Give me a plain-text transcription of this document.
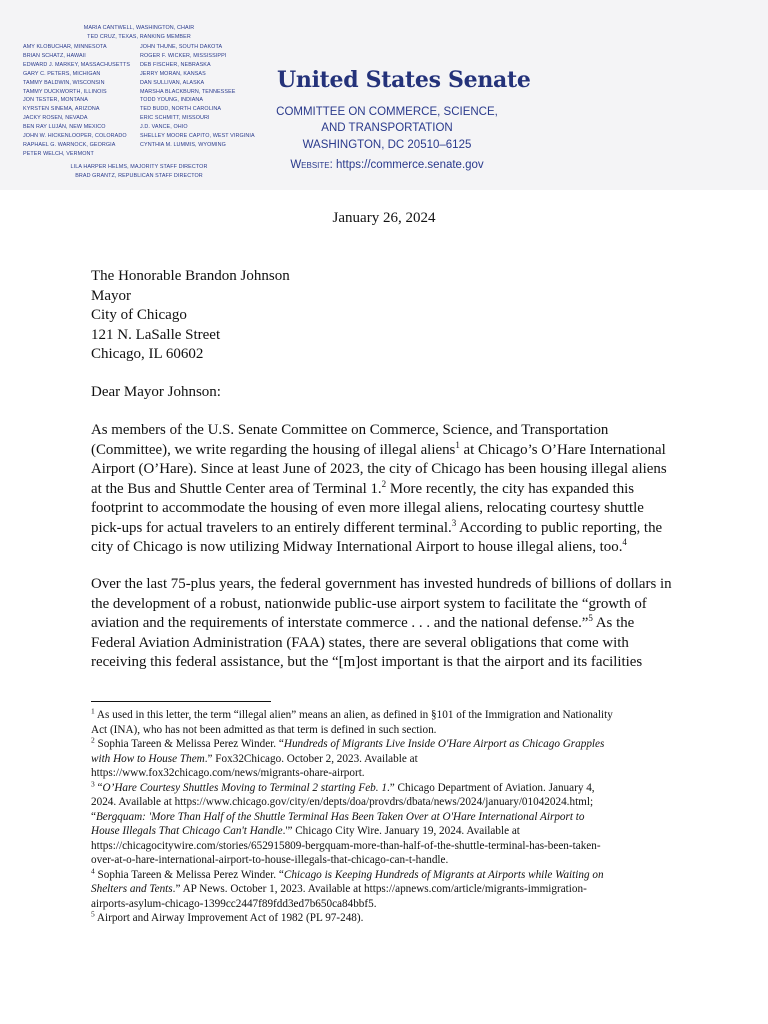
MARIA CANTWELL, WASHINGTON, CHAIR
TED CRUZ, TEXAS, RANKING MEMBER
AMY KLOBUCHAR, MINNESOTA
BRIAN SCHATZ, HAWAII
EDWARD J. MARKEY, MASSACHUSETTS
GARY C. PETERS, MICHIGAN
TAMMY BALDWIN, WISCONSIN
TAMMY DUCKWORTH, ILLINOIS
JON TESTER, MONTANA
KYRSTEN SINEMA, ARIZONA
JACKY ROSEN, NEVADA
BEN RAY LUJÁN, NEW MEXICO
JOHN W. HICKENLOOPER, COLORADO
RAPHAEL G. WARNOCK, GEORGIA
PETER WELCH, VERMONT
JOHN THUNE, SOUTH DAKOTA
ROGER F. WICKER, MISSISSIPPI
DEB FISCHER, NEBRASKA
JERRY MORAN, KANSAS
DAN SULLIVAN, ALASKA
MARSHA BLACKBURN, TENNESSEE
TODD YOUNG, INDIANA
TED BUDD, NORTH CAROLINA
ERIC SCHMITT, MISSOURI
J.D. VANCE, OHIO
SHELLEY MOORE CAPITO, WEST VIRGINIA
CYNTHIA M. LUMMIS, WYOMING
LILA HARPER HELMS, MAJORITY STAFF DIRECTOR
BRAD GRANTZ, REPUBLICAN STAFF DIRECTOR
United States Senate
COMMITTEE ON COMMERCE, SCIENCE,
AND TRANSPORTATION
WASHINGTON, DC 20510–6125
Website: https://commerce.senate.gov
January 26, 2024
The Honorable Brandon Johnson
Mayor
City of Chicago
121 N. LaSalle Street
Chicago, IL 60602
Dear Mayor Johnson:
As members of the U.S. Senate Committee on Commerce, Science, and Transportation
(Committee), we write regarding the housing of illegal aliens$^1$ at Chicago’s O’Hare International
Airport (O’Hare). Since at least June of 2023, the city of Chicago has been housing illegal aliens
at the Bus and Shuttle Center area of Terminal 1.$^2$ More recently, the city has expanded this
footprint to accommodate the housing of even more illegal aliens, relocating courtesy shuttle
pick-ups for actual travelers to an entirely different terminal.$^3$ According to public reporting, the
city of Chicago is now utilizing Midway International Airport to house illegal aliens, too.$^4$
Over the last 75-plus years, the federal government has invested hundreds of billions of dollars in
the development of a robust, nationwide public-use airport system to facilitate the “growth of
aviation and the requirements of interstate commerce . . . and the national defense.”$^5$ As the
Federal Aviation Administration (FAA) states, there are several obligations that come with
receiving this federal assistance, but the “[m]ost important is that the airport and its facilities
$^1$ As used in this letter, the term “illegal alien” means an alien, as defined in §101 of the Immigration and Nationality
Act (INA), who has not been admitted as that term is defined in such section.
$^2$ Sophia Tareen & Melissa Perez Winder. “Hundreds of Migrants Live Inside O'Hare Airport as Chicago Grapples
with How to House Them.” Fox32Chicago. October 2, 2023. Available at
https://www.fox32chicago.com/news/migrants-ohare-airport.
$^3$ “O’Hare Courtesy Shuttles Moving to Terminal 2 starting Feb. 1.” Chicago Department of Aviation. January 4,
2024. Available at https://www.chicago.gov/city/en/depts/doa/provdrs/dbata/news/2024/january/01042024.html;
“Bergquam: 'More Than Half of the Shuttle Terminal Has Been Taken Over at O'Hare International Airport to
House Illegals That Chicago Can't Handle.'” Chicago City Wire. January 19, 2024. Available at
https://chicagocitywire.com/stories/652915809-bergquam-more-than-half-of-the-shuttle-terminal-has-been-taken-
over-at-o-hare-international-airport-to-house-illegals-that-chicago-can-t-handle.
$^4$ Sophia Tareen & Melissa Perez Winder. “Chicago is Keeping Hundreds of Migrants at Airports while Waiting on
Shelters and Tents.” AP News. October 1, 2023. Available at https://apnews.com/article/migrants-immigration-
airports-asylum-chicago-1399cc2447f89fdd3ed7b650ca84bbf5.
$^5$ Airport and Airway Improvement Act of 1982 (PL 97-248).
